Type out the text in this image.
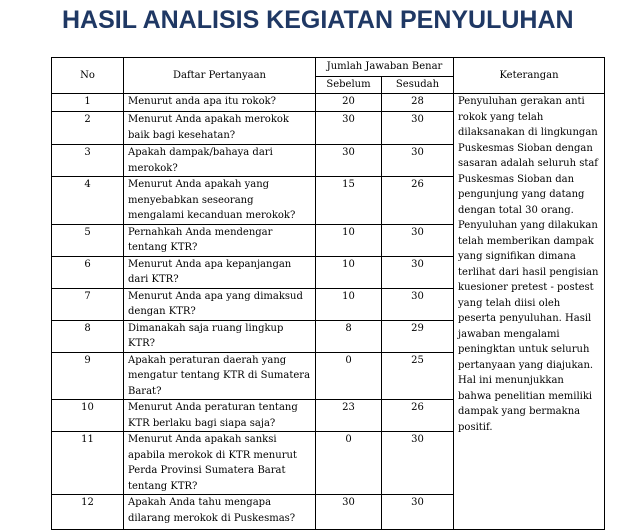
HASIL ANALISIS KEGIATAN PENYULUHAN
No	Daftar Pertanyaan	Jumlah Jawaban Benar		Keterangan
		Sebelum	Sesudah	
1	Menurut anda apa itu rokok?	20	28	Penyuluhan gerakan anti rokok yang telah dilaksanakan di lingkungan Puskesmas Sioban dengan sasaran adalah seluruh staf Puskesmas Sioban dan pengunjung yang datang dengan total 30 orang. Penyuluhan yang dilakukan telah memberikan dampak yang signifikan dimana terlihat dari hasil pengisian kuesioner pretest - postest yang telah diisi oleh peserta penyuluhan. Hasil jawaban mengalami peningktan untuk seluruh pertanyaan yang diajukan. Hal ini menunjukkan bahwa penelitian memiliki dampak yang bermakna positif.

2	Menurut Anda apakah merokok baik bagi kesehatan?	30	30	
3	Apakah dampak/bahaya dari merokok?	30	30	
4	Menurut Anda apakah yang menyebabkan seseorang mengalami kecanduan merokok?	15	26	
5	Pernahkah Anda mendengar tentang KTR?	10	30	
6	Menurut Anda apa kepanjangan dari KTR?	10	30	
7	Menurut Anda apa yang dimaksud dengan KTR?	10	30	
8	Dimanakah saja ruang lingkup KTR?	8	29	
9	Apakah peraturan daerah yang mengatur tentang KTR di Sumatera Barat?	0	25	
10	Menurut Anda peraturan tentang KTR berlaku bagi siapa saja?	23	26	
11	Menurut Anda apakah sanksi apabila merokok di KTR menurut Perda Provinsi Sumatera Barat tentang KTR?	0	30	
12	Apakah Anda tahu mengapa dilarang merokok di Puskesmas?	30	30	
